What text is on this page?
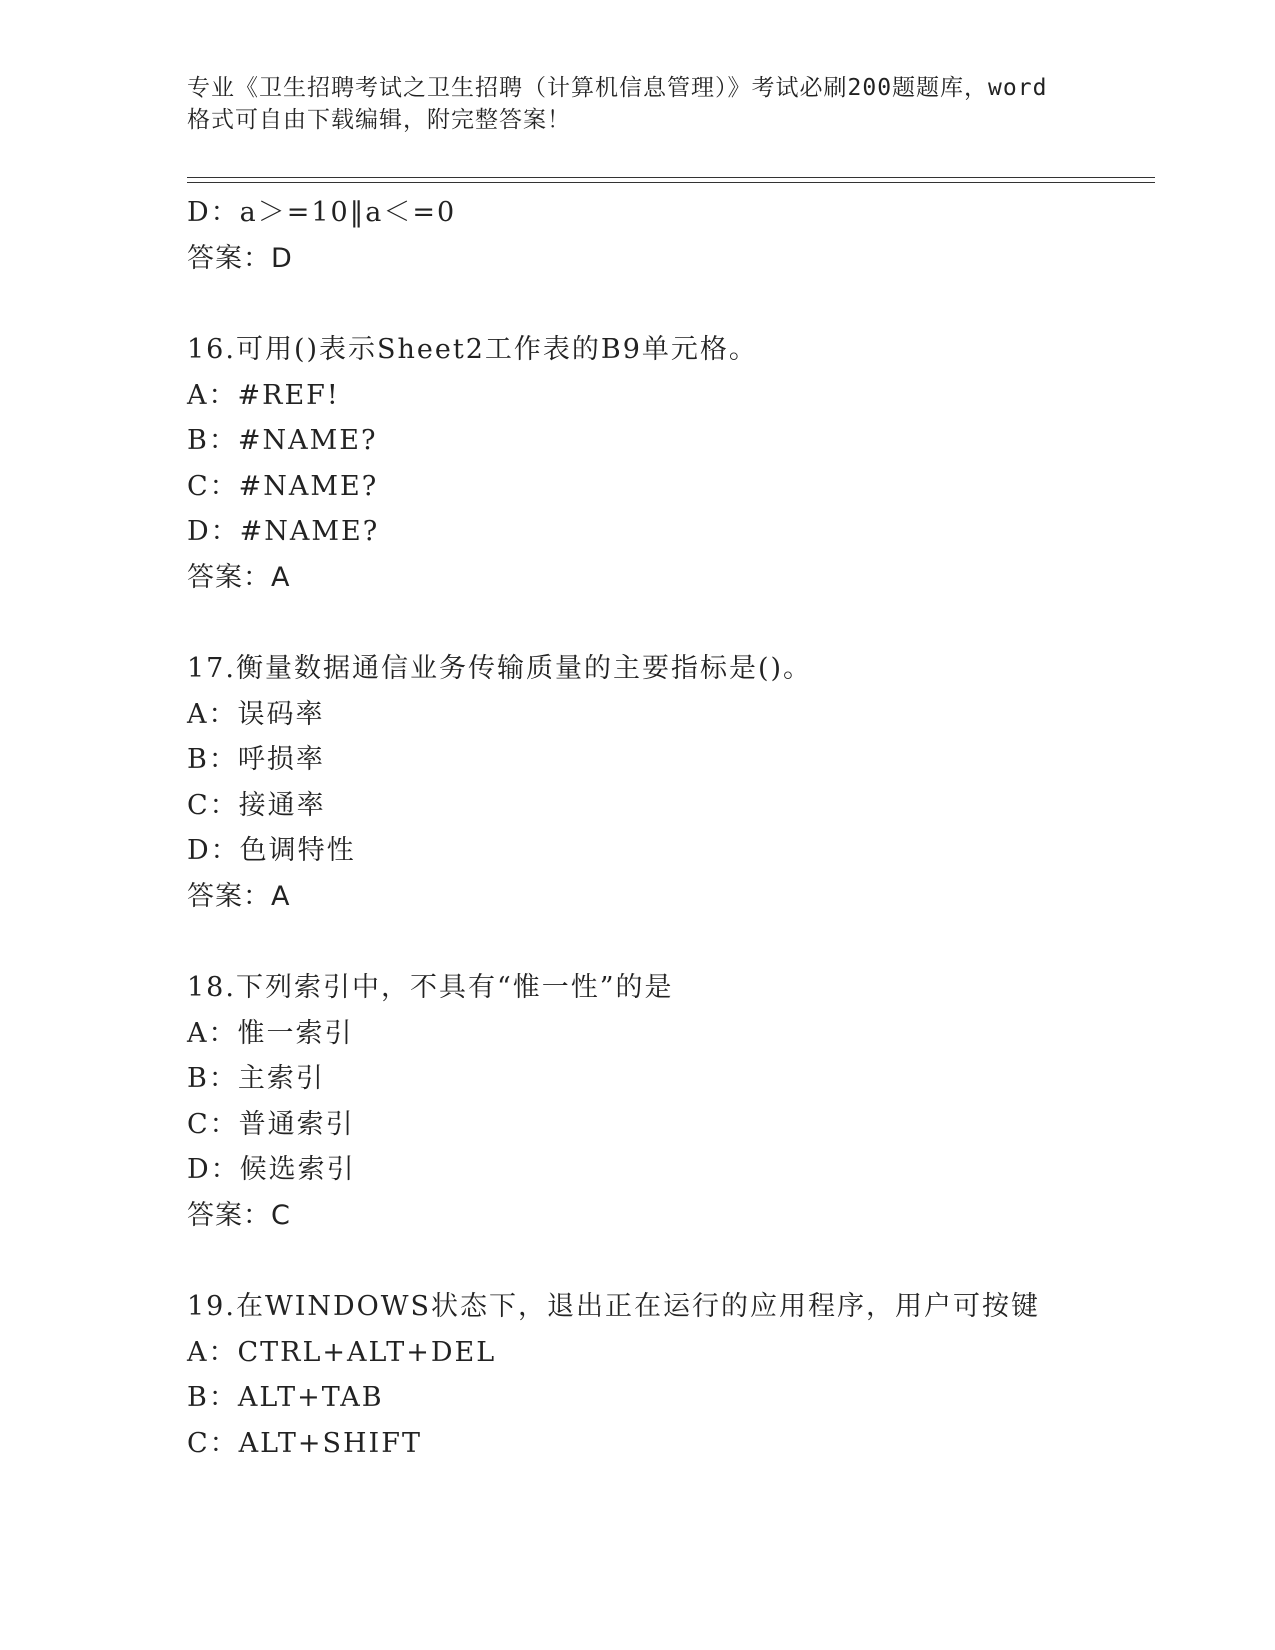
专业《卫生招聘考试之卫生招聘（计算机信息管理）》考试必刷200题题库，word
格式可自由下载编辑，附完整答案！
D：a＞=10‖a＜=0
答案：D
16.可用()表示Sheet2工作表的B9单元格。
A：#REF!
B：#NAME?
C：#NAME?
D：#NAME?
答案：A
17.衡量数据通信业务传输质量的主要指标是()。
A：误码率
B：呼损率
C：接通率
D：色调特性
答案：A
18.下列索引中，不具有“惟一性”的是
A：惟一索引
B：主索引
C：普通索引
D：候选索引
答案：C
19.在WINDOWS状态下，退出正在运行的应用程序，用户可按键
A：CTRL+ALT+DEL
B：ALT+TAB
C：ALT+SHIFT
